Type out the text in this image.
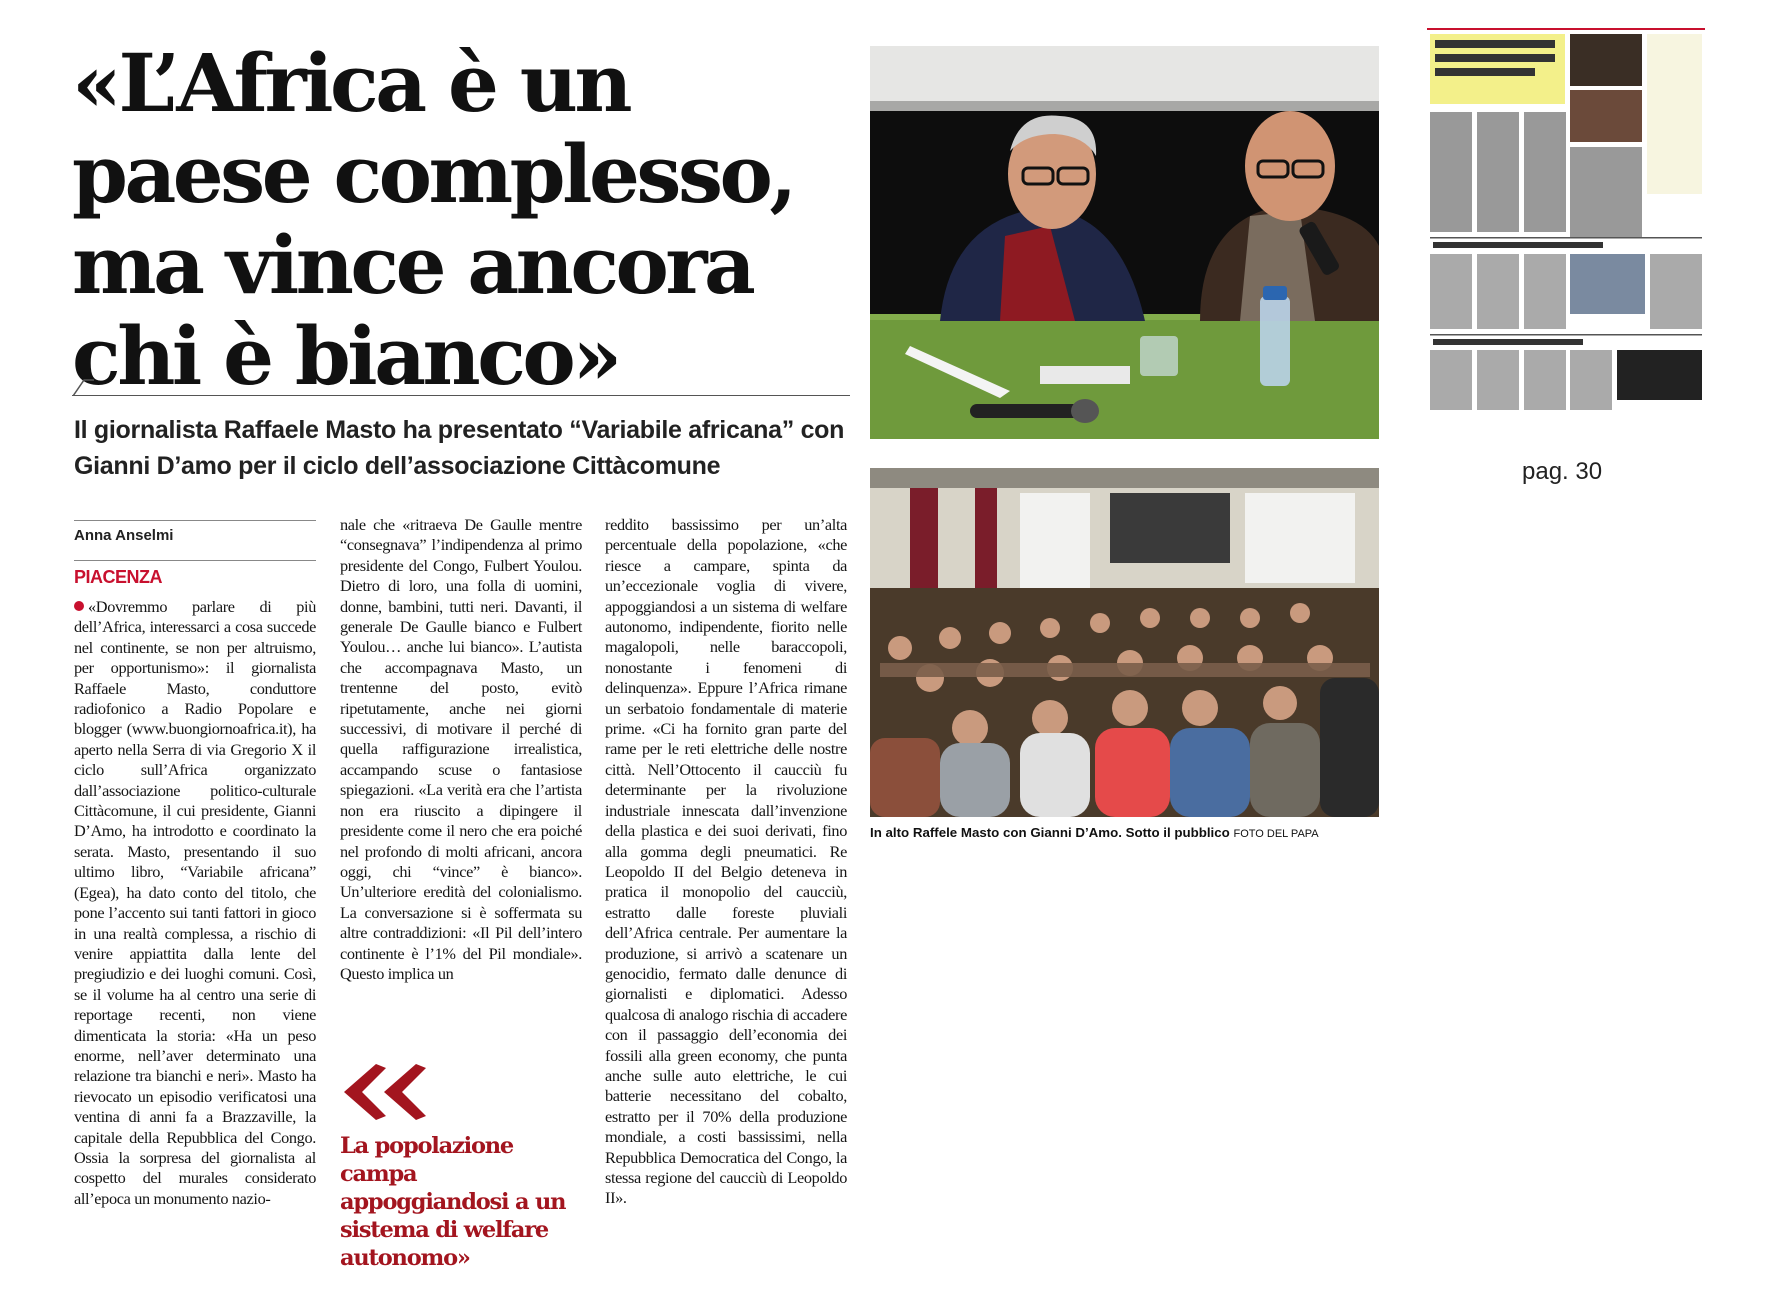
«L’Africa è un paese complesso, ma vince ancora chi è bianco»
Il giornalista Raffaele Masto ha presentato “Variabile africana” con Gianni D’amo per il ciclo dell’associazione Cittàcomune
Anna Anselmi
PIACENZA

«Dovremmo parlare di più dell’Africa, interessarci a cosa succede nel continente, se non per altruismo, per opportunismo»: il giornalista Raffaele Masto, conduttore radiofonico a Radio Popolare e blogger (www.buongiornoafrica.it), ha aperto nella Serra di via Gregorio X il ciclo sull’Africa organizzato dall’associazione politico-culturale Cittàcomune, il cui presidente, Gianni D’Amo, ha introdotto e coordinato la serata. Masto, presentando il suo ultimo libro, “Variabile africana” (Egea), ha dato conto del titolo, che pone l’accento sui tanti fattori in gioco in una realtà complessa, a rischio di venire appiattita dalla lente del pregiudizio e dei luoghi comuni. Così, se il volume ha al centro una serie di reportage recenti, non viene dimenticata la storia: «Ha un peso enorme, nell’aver determinato una relazione tra bianchi e neri». Masto ha rievocato un episodio verificatosi una ventina di anni fa a Brazzaville, la capitale della Repubblica del Congo. Ossia la sorpresa del giornalista al cospetto del murales considerato all’epoca un monumento nazio-

nale che «ritraeva De Gaulle mentre “consegnava” l’indipendenza al primo presidente del Congo, Fulbert Youlou. Dietro di loro, una folla di uomini, donne, bambini, tutti neri. Davanti, il generale De Gaulle bianco e Fulbert Youlou… anche lui bianco». L’autista che accompagnava Masto, un trentenne del posto, evitò ripetutamente, anche nei giorni successivi, di motivare il perché di quella raffigurazione irrealistica, accampando scuse o fantasiose spiegazioni. «La verità era che l’artista non era riuscito a dipingere il presidente come il nero che era poiché nel profondo di molti africani, ancora oggi, chi “vince” è bianco». Un’ulteriore eredità del colonialismo. La conversazione si è soffermata su altre contraddizioni: «Il Pil dell’intero continente è l’1% del Pil mondiale». Questo implica un

reddito bassissimo per un’alta percentuale della popolazione, «che riesce a campare, spinta da un’eccezionale voglia di vivere, appoggiandosi a un sistema di welfare autonomo, indipendente, fiorito nelle magalopoli, nelle baraccopoli, nonostante i fenomeni di delinquenza». Eppure l’Africa rimane un serbatoio fondamentale di materie prime. «Ci ha fornito gran parte del rame per le reti elettriche delle nostre città. Nell’Ottocento il caucciù fu determinante per la rivoluzione industriale innescata dall’invenzione della plastica e dei suoi derivati, fino alla gomma degli pneumatici. Re Leopoldo II del Belgio deteneva in pratica il monopolio del caucciù, estratto dalle foreste pluviali dell’Africa centrale. Per aumentare la produzione, si arrivò a scatenare un genocidio, fermato dalle denunce di giornalisti e diplomatici. Adesso qualcosa di analogo rischia di accadere con il passaggio dell’economia dei fossili alla green economy, che punta anche sulle auto elettriche, le cui batterie necessitano del cobalto, estratto per il 70% della produzione mondiale, a costi bassissimi, nella Repubblica Democratica del Congo, la stessa regione del caucciù di Leopoldo II».

La popolazione campa appoggiandosi a un sistema di welfare autonomo»

In alto Raffele Masto con Gianni D’Amo. Sotto il pubblico FOTO DEL PAPA
pag. 30
